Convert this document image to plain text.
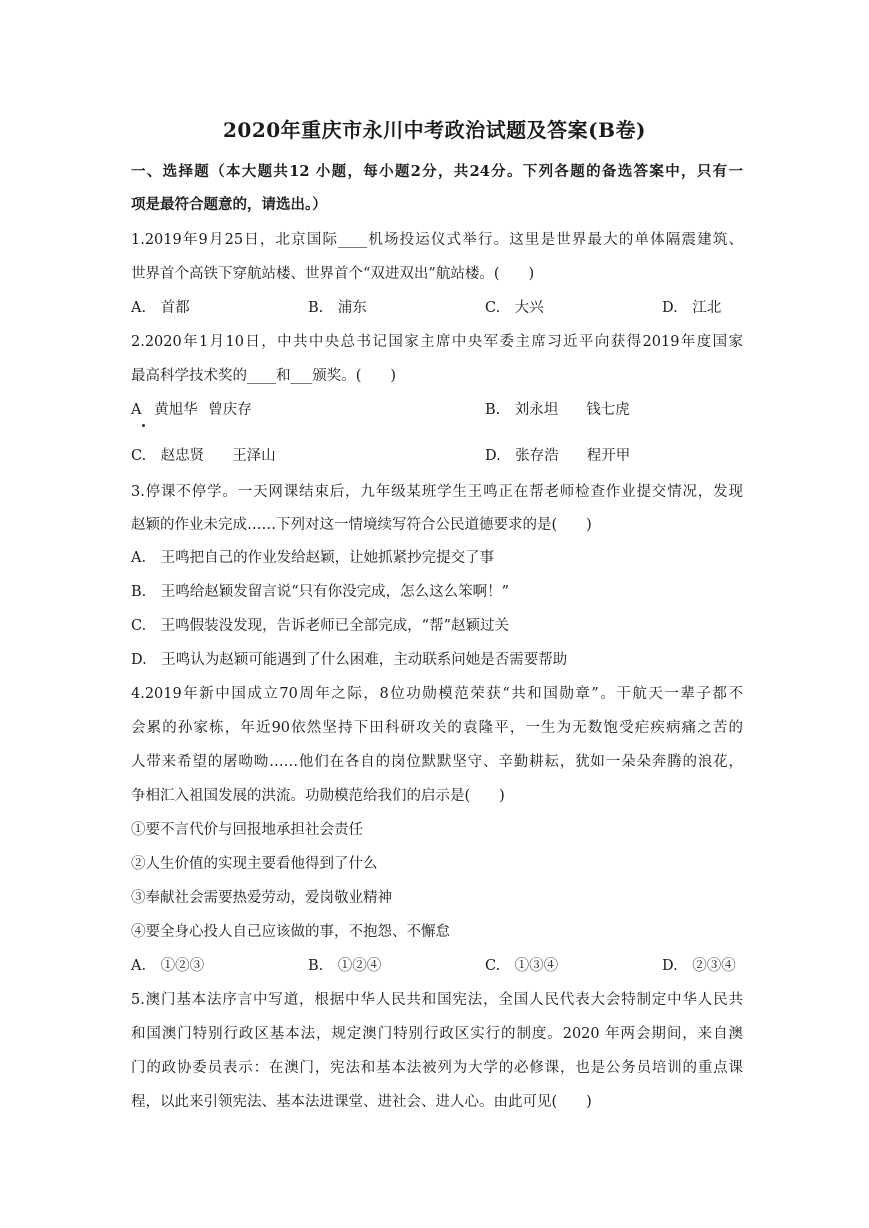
2020年重庆市永川中考政治试题及答案(B卷)
一、选择题（本大题共12 小题，每小题2分，共24分。下列各题的备选答案中，只有一
项是最符合题意的，请选出。）
1.2019年9月25日，北京国际____机场投运仪式举行。这里是世界最大的单体隔震建筑、
世界首个高铁下穿航站楼、世界首个“双进双出”航站楼。(　　)
A.　首都	B.　浦东	C.　大兴	D.　江北
2.2020年1月10日，中共中央总书记国家主席中央军委主席习近平向获得2019年度国家
最高科学技术奖的____和___颁奖。(　　)
A 黄旭华 曾庆存	B.　刘永坦 钱七虎
C.　赵忠贤 王泽山	D.　张存浩 程开甲
3.停课不停学。一天网课结束后，九年级某班学生王鸣正在帮老师检查作业提交情况，发现
赵颖的作业未完成……下列对这一情境续写符合公民道德要求的是(　　)
A.　王鸣把自己的作业发给赵颖，让她抓紧抄完提交了事
B.　王鸣给赵颖发留言说“只有你没完成，怎么这么笨啊！”
C.　王鸣假装没发现，告诉老师已全部完成，“帮”赵颖过关
D.　王鸣认为赵颖可能遇到了什么困难，主动联系问她是否需要帮助
4.2019年新中国成立70周年之际，8位功勋模范荣获“共和国勋章”。干航天一辈子都不
会累的孙家栋，年近90依然坚持下田科研攻关的袁隆平，一生为无数饱受疟疾病痛之苦的
人带来希望的屠呦呦……他们在各自的岗位默默坚守、辛勤耕耘，犹如一朵朵奔腾的浪花，
争相汇入祖国发展的洪流。功勋模范给我们的启示是(　　)
①要不言代价与回报地承担社会责任
②人生价值的实现主要看他得到了什么
③奉献社会需要热爱劳动，爱岗敬业精神
④要全身心投人自己应该做的事，不抱怨、不懈怠
A.　①②③	B.　①②④	C.　①③④	D.　②③④
5.澳门基本法序言中写道，根据中华人民共和国宪法，全国人民代表大会特制定中华人民共
和国澳门特别行政区基本法，规定澳门特别行政区实行的制度。2020 年两会期间，来自澳
门的政协委员表示：在澳门，宪法和基本法被列为大学的必修课，也是公务员培训的重点课
程，以此来引领宪法、基本法进课堂、进社会、进人心。由此可见(　　)
